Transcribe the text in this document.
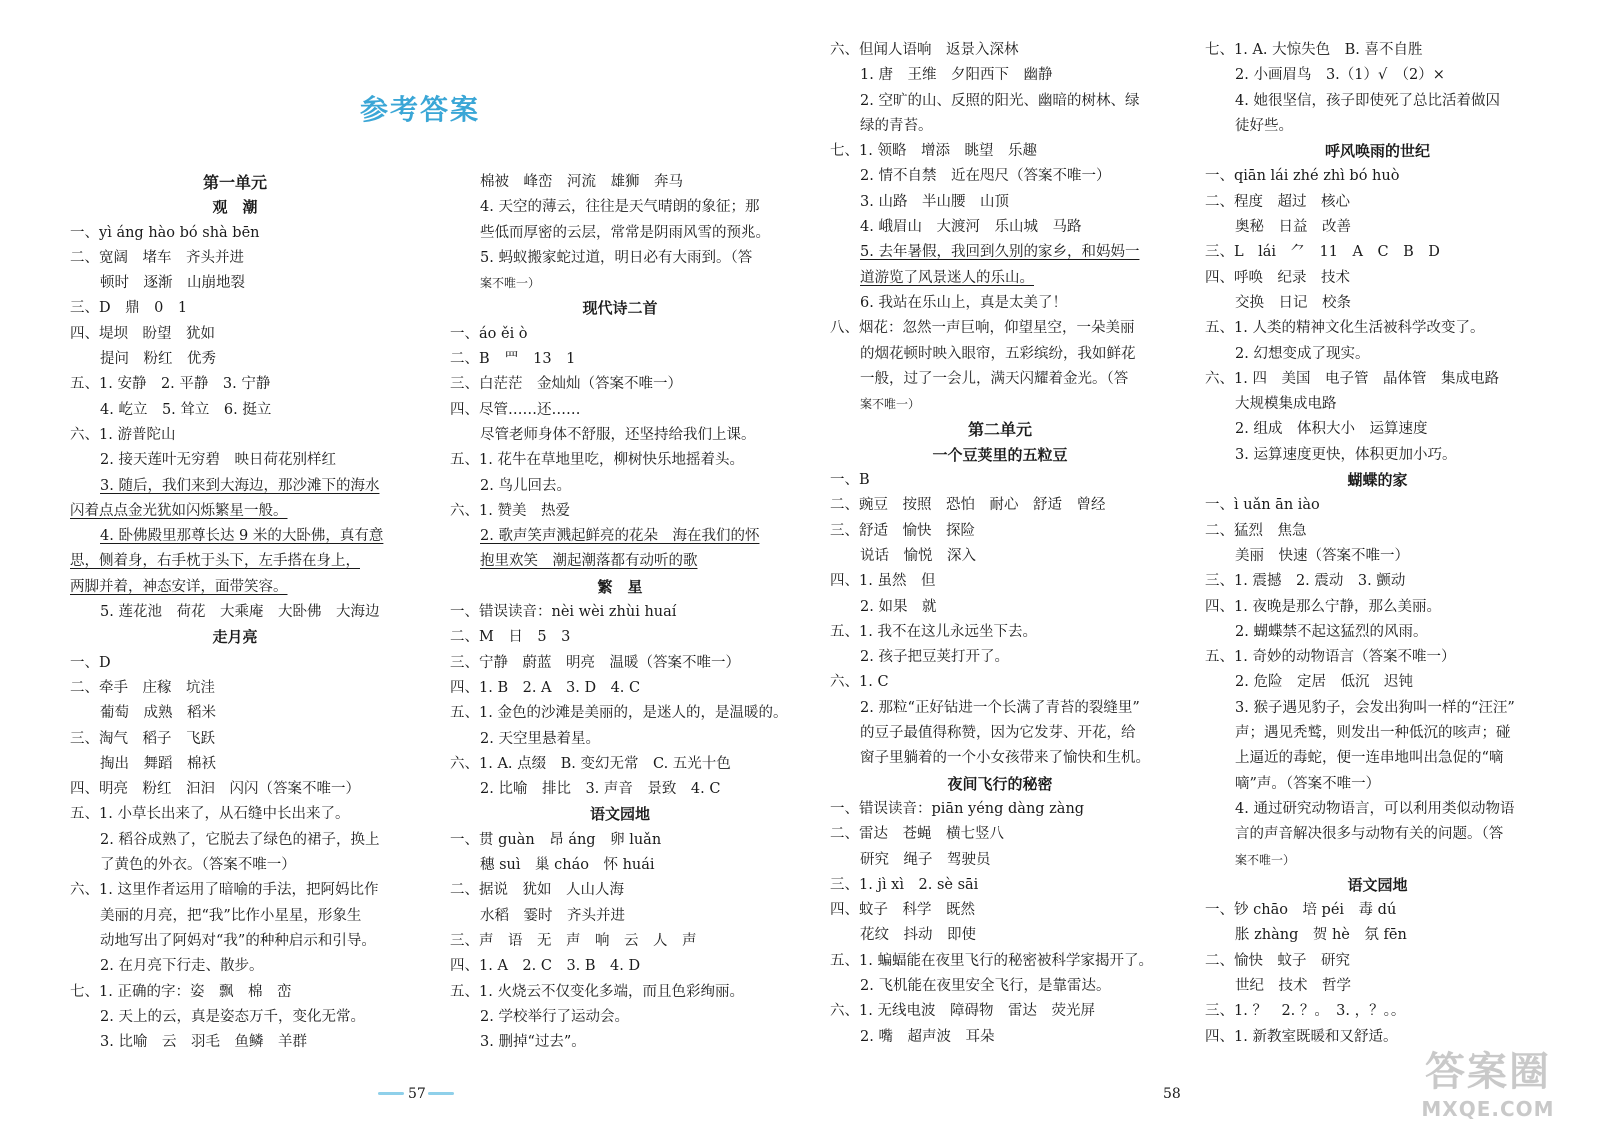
参考答案
第一单元
观　潮
一、yì áng hào bó shà bēn
二、宽阔　堵车　齐头并进
顿时　逐渐　山崩地裂
三、D　鼎　0　1
四、堤坝　盼望　犹如
提问　粉红　优秀
五、1. 安静　2. 平静　3. 宁静
4. 屹立　5. 耸立　6. 挺立
六、1. 游普陀山
2. 接天莲叶无穷碧　映日荷花别样红
3. 随后，我们来到大海边，那沙滩下的海水
闪着点点金光犹如闪烁繁星一般。
4. 卧佛殿里那尊长达 9 米的大卧佛，真有意
思，侧着身，右手枕于头下，左手搭在身上，
两脚并着，神态安详，面带笑容。
5. 莲花池　荷花　大乘庵　大卧佛　大海边
走月亮
一、D
二、牵手　庄稼　坑洼
葡萄　成熟　稻米
三、淘气　稻子　飞跃
掏出　舞蹈　棉袄
四、明亮　粉红　汩汩　闪闪（答案不唯一）
五、1. 小草长出来了，从石缝中长出来了。
2. 稻谷成熟了，它脱去了绿色的裙子，换上
了黄色的外衣。（答案不唯一）
六、1. 这里作者运用了暗喻的手法，把阿妈比作
美丽的月亮，把“我”比作小星星，形象生
动地写出了阿妈对“我”的种种启示和引导。
2. 在月亮下行走、散步。
七、1. 正确的字：姿　飘　棉　峦
2. 天上的云，真是姿态万千，变化无常。
3. 比喻　云　羽毛　鱼鳞　羊群
棉被　峰峦　河流　雄狮　奔马
4. 天空的薄云，往往是天气晴朗的象征；那
些低而厚密的云层，常常是阴雨风雪的预兆。
5. 蚂蚁搬家蛇过道，明日必有大雨到。（答
案不唯一）
现代诗二首
一、áo ěi ò
二、B　罒　13　1
三、白茫茫　金灿灿（答案不唯一）
四、尽管……还……
尽管老师身体不舒服，还坚持给我们上课。
五、1. 花牛在草地里吃，柳树快乐地摇着头。
2. 鸟儿回去。
六、1. 赞美　热爱
2. 歌声笑声溅起鲜亮的花朵　海在我们的怀
抱里欢笑　潮起潮落都有动听的歌
繁　星
一、错误读音：nèi wèi zhùi huaí
二、M　日　5　3
三、宁静　蔚蓝　明亮　温暖（答案不唯一）
四、1. B　2. A　3. D　4. C
五、1. 金色的沙滩是美丽的，是迷人的，是温暖的。
2. 天空里悬着星。
六、1. A. 点缀　B. 变幻无常　C. 五光十色
2. 比喻　排比　3. 声音　景致　4. C
语文园地
一、贯 guàn　昂 áng　卵 luǎn
穗 suì　巢 cháo　怀 huái
二、据说　犹如　人山人海
水稻　霎时　齐头并进
三、声　语　无　声　响　云　人　声
四、1. A　2. C　3. B　4. D
五、1. 火烧云不仅变化多端，而且色彩绚丽。
2. 学校举行了运动会。
3. 删掉“过去”。
六、但闻人语响　返景入深林
1. 唐　王维　夕阳西下　幽静
2. 空旷的山、反照的阳光、幽暗的树林、绿
绿的青苔。
七、1. 领略　增添　眺望　乐趣
2. 情不自禁　近在咫尺（答案不唯一）
3. 山路　半山腰　山顶
4. 峨眉山　大渡河　乐山城　马路
5. 去年暑假，我回到久别的家乡，和妈妈一
道游览了风景迷人的乐山。
6. 我站在乐山上，真是太美了！
八、烟花：忽然一声巨响，仰望星空，一朵美丽
的烟花顿时映入眼帘，五彩缤纷，我如鲜花
一般，过了一会儿，满天闪耀着金光。（答
案不唯一）
第二单元
一个豆荚里的五粒豆
一、B
二、豌豆　按照　恐怕　耐心　舒适　曾经
三、舒适　愉快　探险
说话　愉悦　深入
四、1. 虽然　但
2. 如果　就
五、1. 我不在这儿永远坐下去。
2. 孩子把豆荚打开了。
六、1. C
2. 那粒“正好钻进一个长满了青苔的裂缝里”
的豆子最值得称赞，因为它发芽、开花，给
窗子里躺着的一个小女孩带来了愉快和生机。
夜间飞行的秘密
一、错误读音：piān yéng dàng zàng
二、雷达　苍蝇　横七竖八
研究　绳子　驾驶员
三、1. jì xì　2. sè sāi
四、蚊子　科学　既然
花纹　抖动　即使
五、1. 蝙蝠能在夜里飞行的秘密被科学家揭开了。
2. 飞机能在夜里安全飞行，是靠雷达。
六、1. 无线电波　障碍物　雷达　荧光屏
2. 嘴　超声波　耳朵
七、1. A. 大惊失色　B. 喜不自胜
2. 小画眉鸟　3.（1）√　（2）×
4. 她很坚信，孩子即使死了总比活着做囚
徒好些。
呼风唤雨的世纪
一、qiān lái zhé zhì bó huò
二、程度　超过　核心
奥秘　日益　改善
三、L　lái　⺈　11　A　C　B　D
四、呼唤　纪录　技术
交换　日记　校条
五、1. 人类的精神文化生活被科学改变了。
2. 幻想变成了现实。
六、1. 四　美国　电子管　晶体管　集成电路
大规模集成电路
2. 组成　体积大小　运算速度
3. 运算速度更快，体积更加小巧。
蝴蝶的家
一、ì uǎn ān iào
二、猛烈　焦急
美丽　快速（答案不唯一）
三、1. 震撼　2. 震动　3. 颤动
四、1. 夜晚是那么宁静，那么美丽。
2. 蝴蝶禁不起这猛烈的风雨。
五、1. 奇妙的动物语言（答案不唯一）
2. 危险　定居　低沉　迟钝
3. 猴子遇见豹子，会发出狗叫一样的“汪汪”
声；遇见秃鹫，则发出一种低沉的咳声；碰
上逼近的毒蛇，便一连串地叫出急促的“嘀
嘀”声。（答案不唯一）
4. 通过研究动物语言，可以利用类似动物语
言的声音解决很多与动物有关的问题。（答
案不唯一）
语文园地
一、钞 chāo　培 péi　毒 dú
胀 zhàng　贺 hè　氛 fēn
二、愉快　蚊子　研究
世纪　技术　哲学
三、1. ？　2. ？。　3. ，？。。
四、1. 新教室既暖和又舒适。
57	58	答案圈
MXQE.COM
